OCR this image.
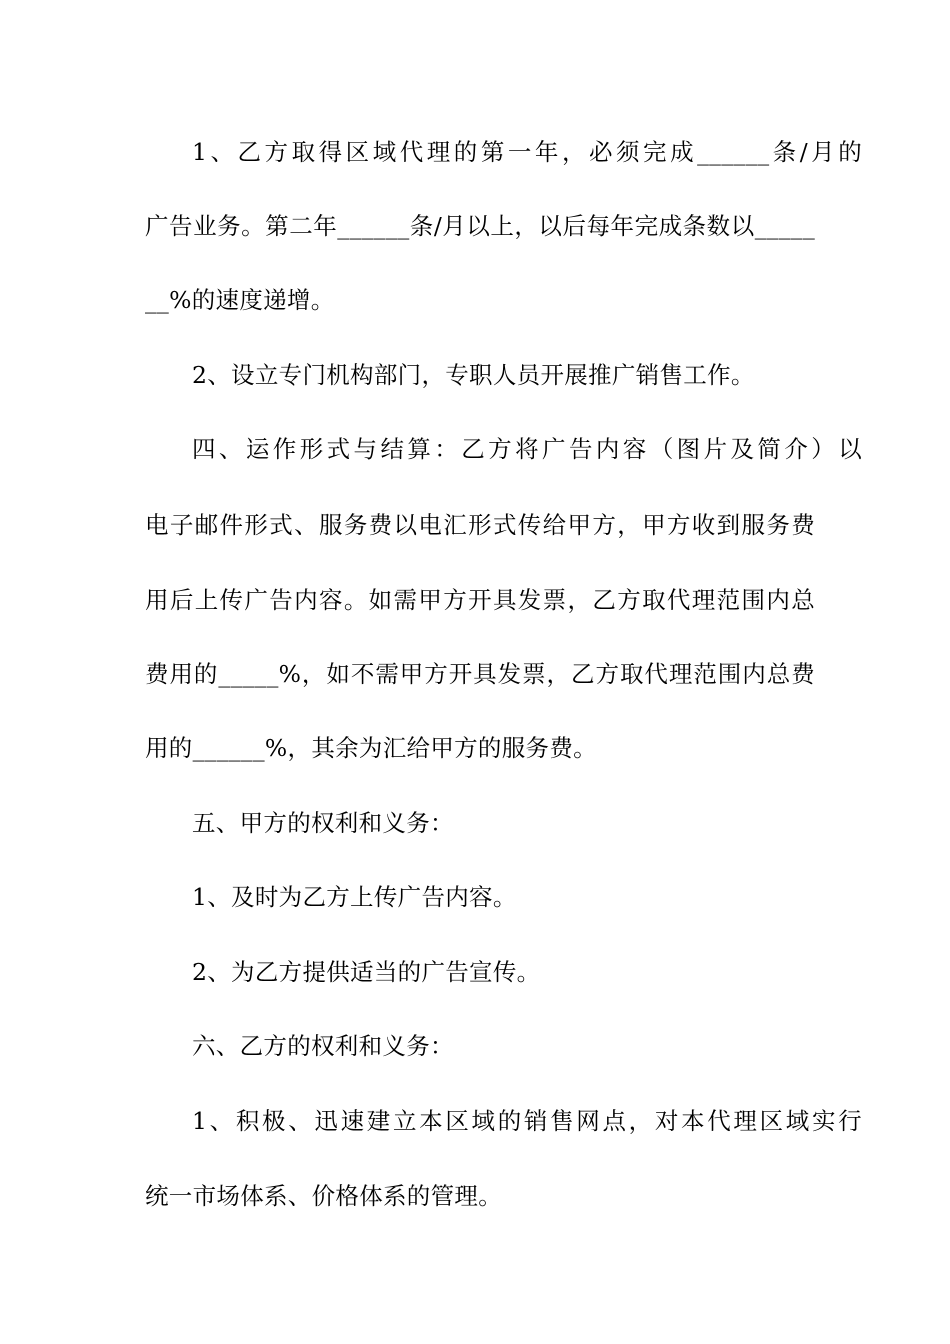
1、乙方取得区域代理的第一年，必须完成______条/月的
广告业务。第二年______条/月以上，以后每年完成条数以_____
__%的速度递增。
2、设立专门机构部门，专职人员开展推广销售工作。
四、运作形式与结算：乙方将广告内容（图片及简介）以
电子邮件形式、服务费以电汇形式传给甲方，甲方收到服务费
用后上传广告内容。如需甲方开具发票，乙方取代理范围内总
费用的_____%，如不需甲方开具发票，乙方取代理范围内总费
用的______%，其余为汇给甲方的服务费。
五、甲方的权利和义务：
1、及时为乙方上传广告内容。
2、为乙方提供适当的广告宣传。
六、乙方的权利和义务：
1、积极、迅速建立本区域的销售网点，对本代理区域实行
统一市场体系、价格体系的管理。
